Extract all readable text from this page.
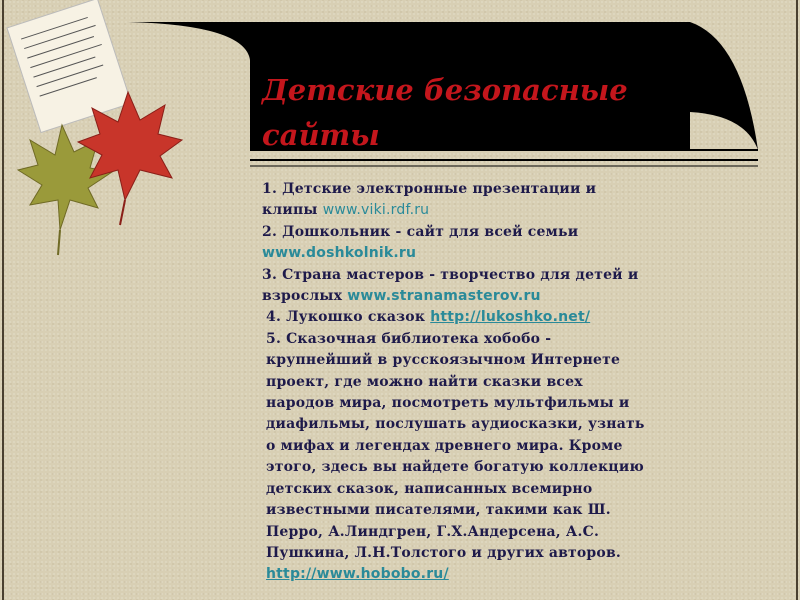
Детские безопасные
сайты

1. Детские электронные презентации и клипы www.viki.rdf.ru

2. Дошкольник - сайт для всей семьи www.doshkolnik.ru

3. Страна мастеров - творчество для детей и взрослых www.stranamasterov.ru

4. Лукошко сказок http://lukoshko.net/

5. Сказочная библиотека хобобо - крупнейший в русскоязычном Интернете проект, где можно найти сказки всех народов мира, посмотреть мультфильмы и диафильмы, послушать аудиосказки, узнать о мифах и легендах древнего мира. Кроме этого, здесь вы найдете богатую коллекцию детских сказок, написанных всемирно известными писателями, такими как Ш. Перро, А.Линдгрен, Г.Х.Андерсена, А.С. Пушкина, Л.Н.Толстого и других авторов. http://www.hobobo.ru/
